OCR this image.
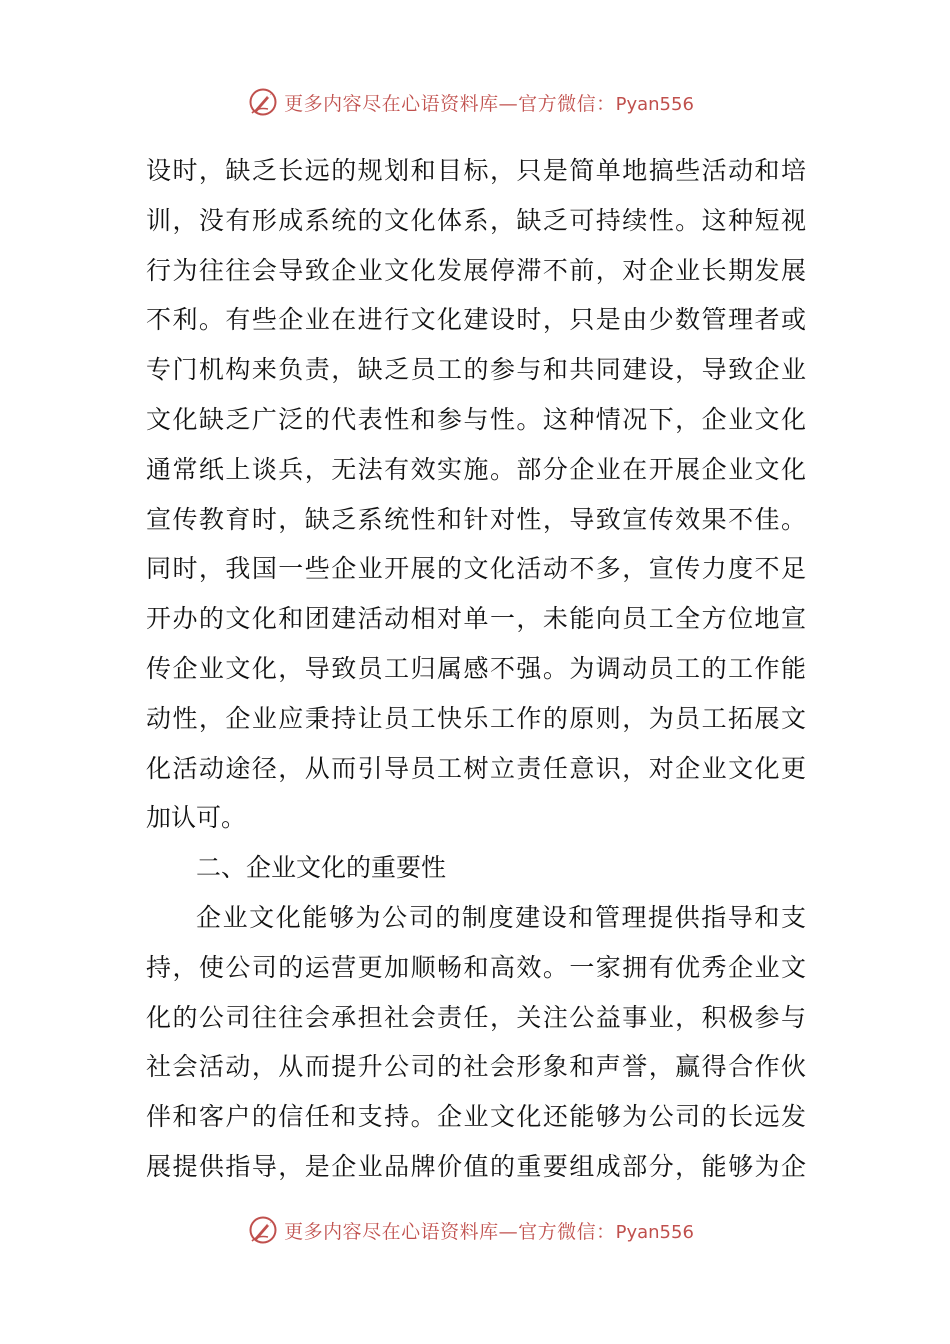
更多内容尽在心语资料库—官方微信：Pyan556
设时，缺乏长远的规划和目标，只是简单地搞些活动和培
训，没有形成系统的文化体系，缺乏可持续性。这种短视
行为往往会导致企业文化发展停滞不前，对企业长期发展
不利。有些企业在进行文化建设时，只是由少数管理者或
专门机构来负责，缺乏员工的参与和共同建设，导致企业
文化缺乏广泛的代表性和参与性。这种情况下，企业文化
通常纸上谈兵，无法有效实施。部分企业在开展企业文化
宣传教育时，缺乏系统性和针对性，导致宣传效果不佳。
同时，我国一些企业开展的文化活动不多，宣传力度不足
开办的文化和团建活动相对单一，未能向员工全方位地宣
传企业文化，导致员工归属感不强。为调动员工的工作能
动性，企业应秉持让员工快乐工作的原则，为员工拓展文
化活动途径，从而引导员工树立责任意识，对企业文化更
加认可。
二、企业文化的重要性
企业文化能够为公司的制度建设和管理提供指导和支
持，使公司的运营更加顺畅和高效。一家拥有优秀企业文
化的公司往往会承担社会责任，关注公益事业，积极参与
社会活动，从而提升公司的社会形象和声誉，赢得合作伙
伴和客户的信任和支持。企业文化还能够为公司的长远发
展提供指导，是企业品牌价值的重要组成部分，能够为企
更多内容尽在心语资料库—官方微信：Pyan556
